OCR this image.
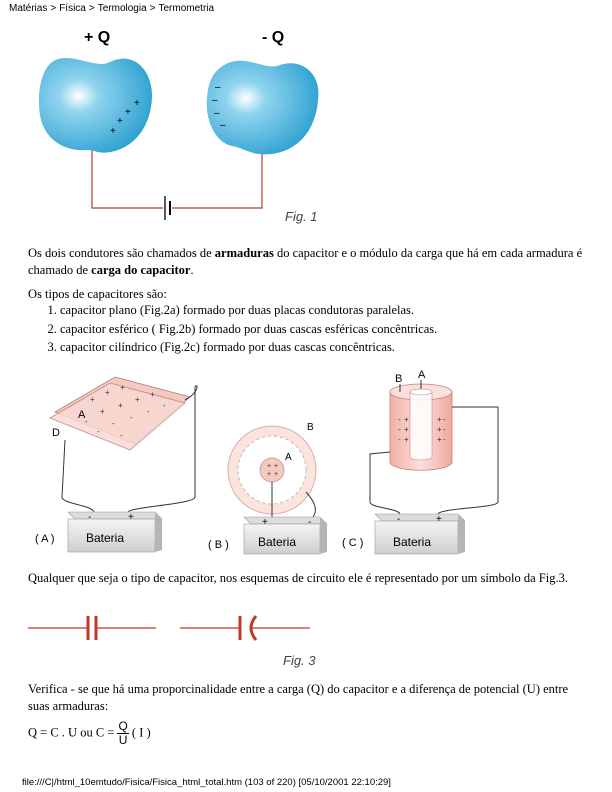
Matérias > Física > Termologia > Termometria
+
+
+
+
–
–
–
–
+ Q	- Q
Fig. 1
Os dois condutores são chamados de armaduras do capacitor e o módulo da carga que há em cada armadura é chamado de carga do capacitor.
Os tipos de capacitores são:
1. capacitor plano (Fig.2a) formado por duas placas condutoras paralelas.
2. capacitor esférico ( Fig.2b) formado por duas cascas esféricas concêntricas.
3. capacitor cilíndrico (Fig.2c) formado por duas cascas concêntricas.
+
+
+
+
+
+
+
-
-
-
-
-
-	-
A
D
Bateria
-	+
( A )
+ +
+ +
A
B
Bateria
+	-
( B )
-
-
-
+
+
+
+
+
+
-
-
-
B A
Bateria
-	+
( C )
Qualquer que seja o tipo de capacitor, nos esquemas de circuito ele é representado por um símbolo da Fig.3.
Fig. 3
Verifica - se que há uma proporcinalidade entre a carga (Q) do capacitor e a diferença de potencial (U) entre suas armaduras:
Q = C . U ou $C = \frac{Q}{U}$ ( I )
file:///C|/html_10emtudo/Fisica/Fisica_html_total.htm (103 of 220) [05/10/2001 22:10:29]
